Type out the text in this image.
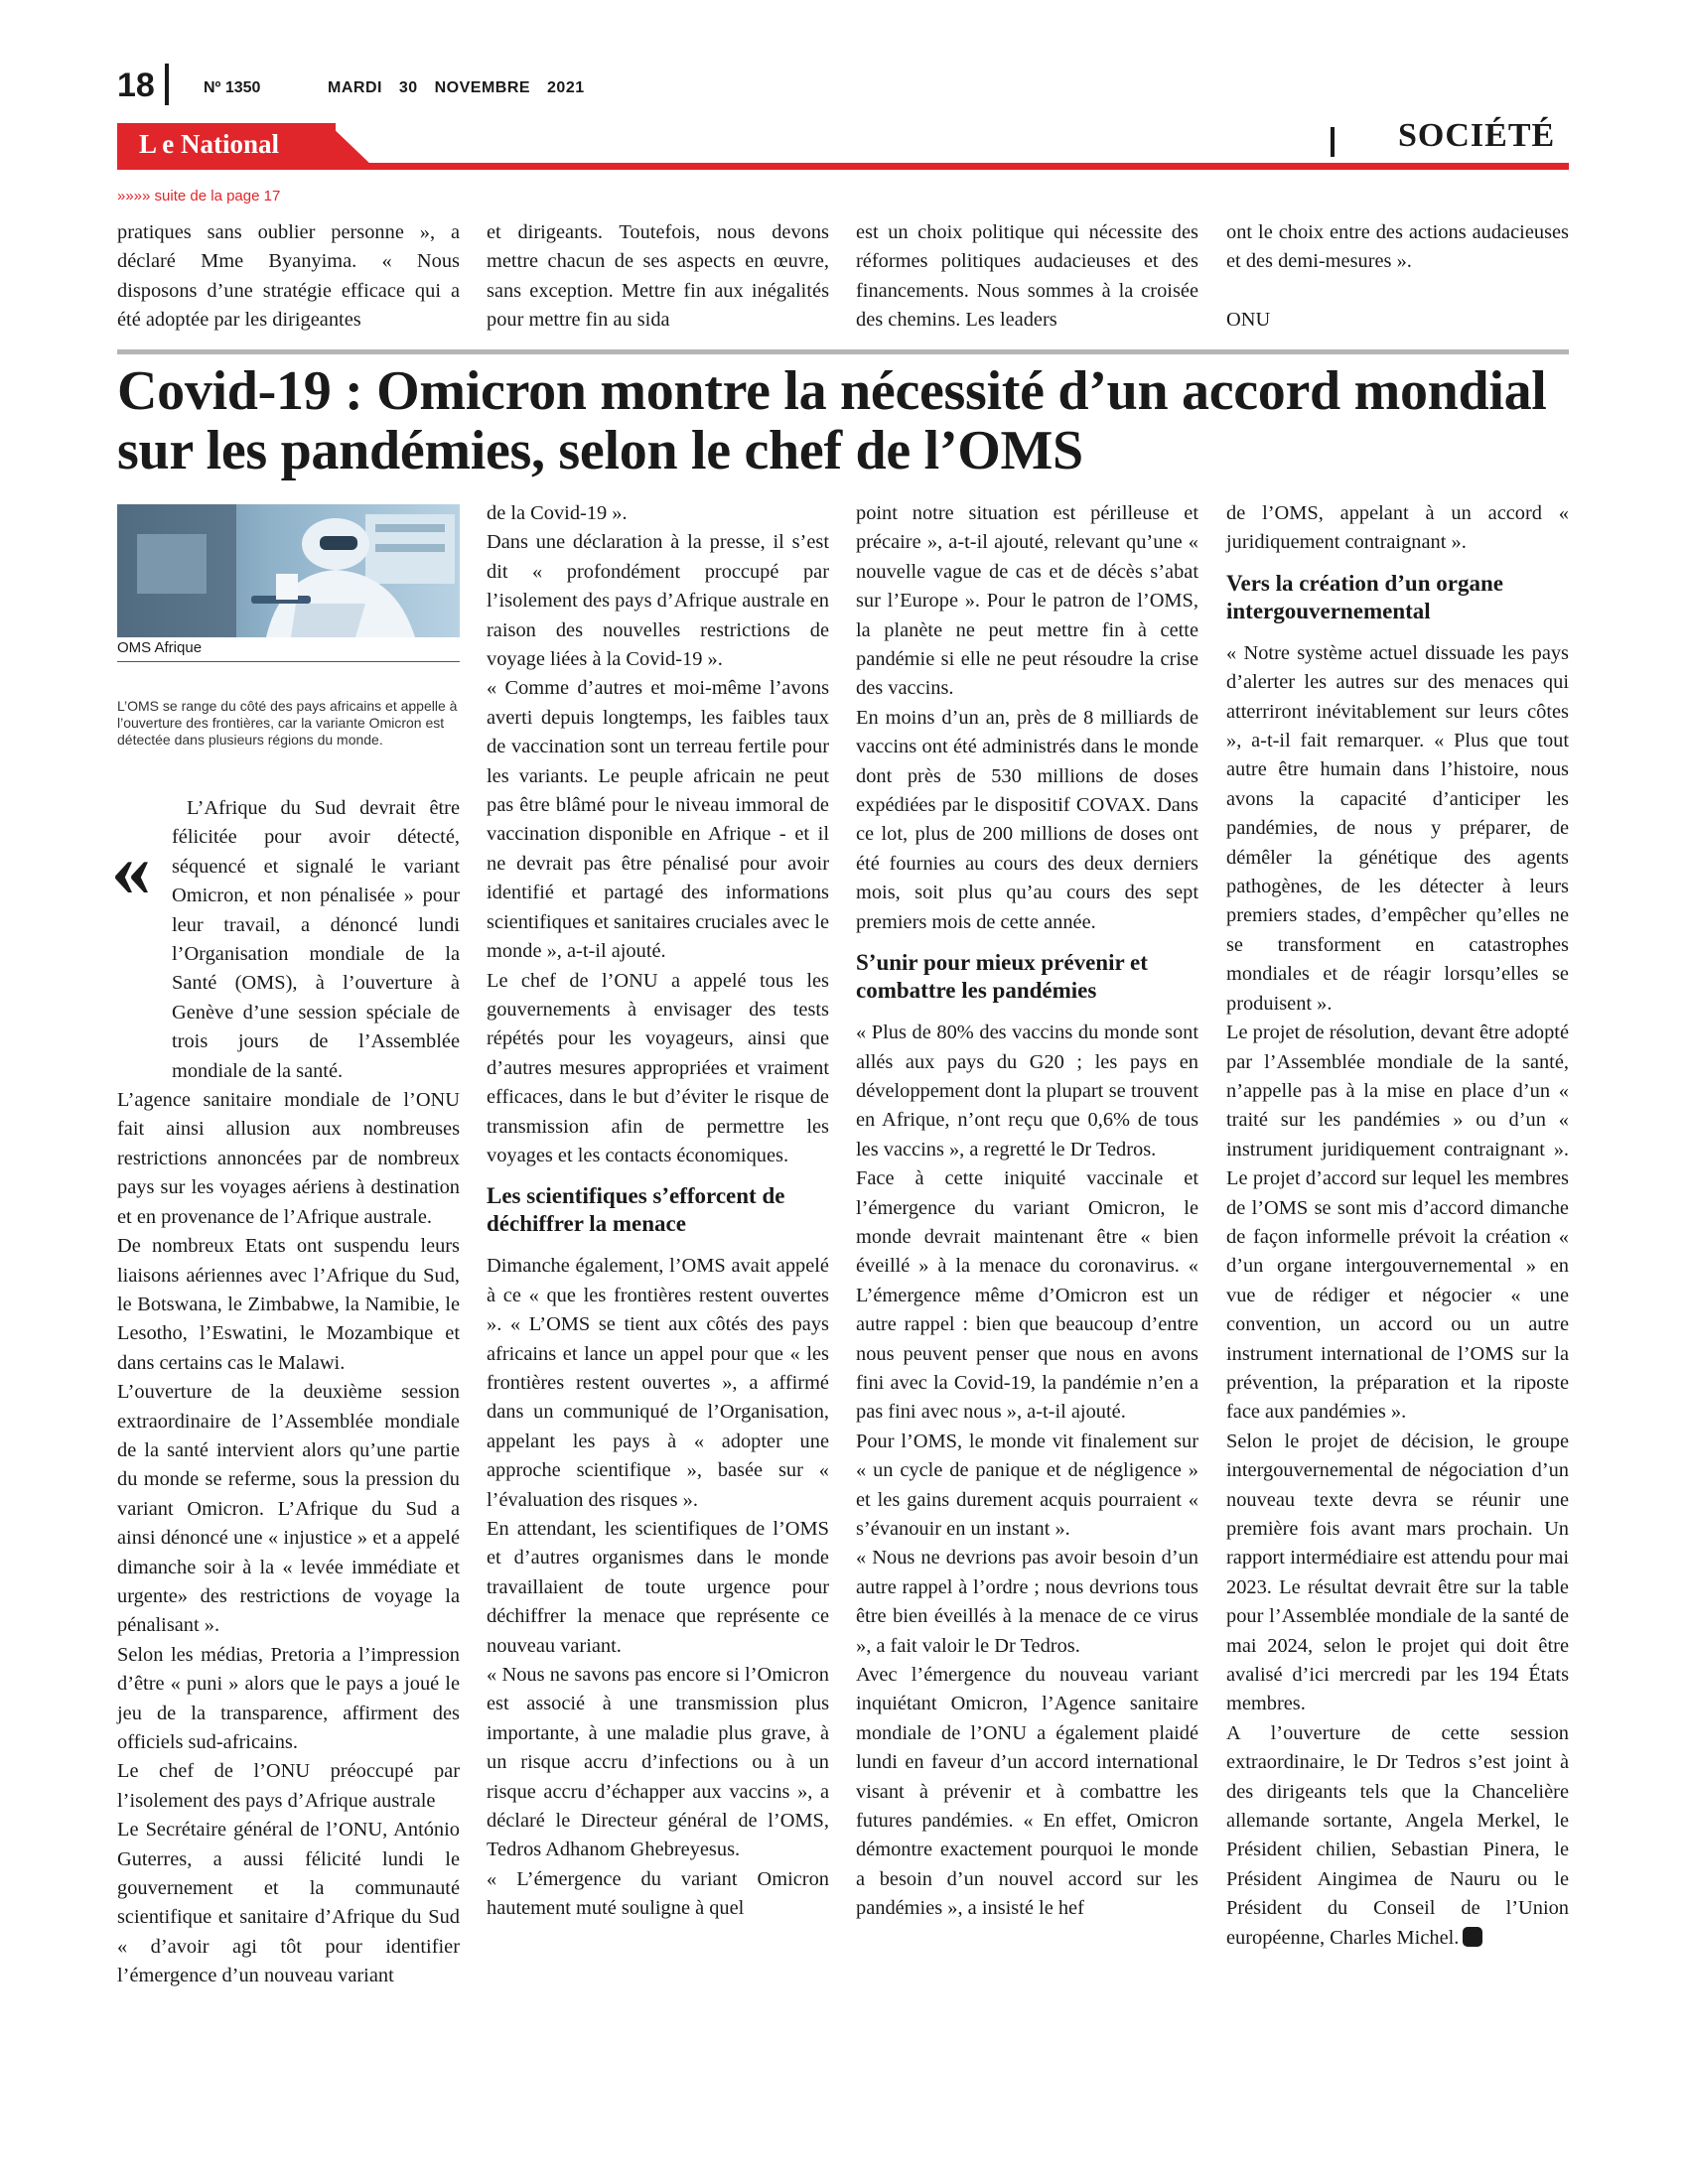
18	Nº 1350	MARDI 30 NOVEMBRE 2021
L e National	SOCIÉTÉ
»»»» suite de la page 17

pratiques sans oublier personne », a déclaré Mme Byanyima. « Nous disposons d’une stratégie efficace qui a été adoptée par les dirigeantes

et dirigeants. Toutefois, nous devons mettre chacun de ses aspects en œuvre, sans exception. Mettre fin aux inégalités pour mettre fin au sida

est un choix politique qui nécessite des réformes politiques audacieuses et des financements. Nous sommes à la croisée des chemins. Les leaders

ont le choix entre des actions audacieuses et des demi-mesures ».

ONU

Covid-19 : Omicron montre la nécessité d’un accord mondial sur les pandémies, selon le chef de l’OMS
OMS Afrique
L’OMS se range du côté des pays africains et appelle à l’ouverture des frontières, car la variante Omicron est détectée dans plusieurs régions du monde.
«

L’Afrique du Sud devrait être félicitée pour avoir détecté, séquencé et signalé le variant Omicron, et non pénalisée » pour leur travail, a dénoncé lundi l’Organisation mondiale de la Santé (OMS), à l’ouverture à Genève d’une session spéciale de trois jours de l’Assemblée mondiale de la santé.

L’agence sanitaire mondiale de l’ONU fait ainsi allusion aux nombreuses restrictions annoncées par de nombreux pays sur les voyages aériens à destination et en provenance de l’Afrique australe.

De nombreux Etats ont suspendu leurs liaisons aériennes avec l’Afrique du Sud, le Botswana, le Zimbabwe, la Namibie, le Lesotho, l’Eswatini, le Mozambique et dans certains cas le Malawi.

L’ouverture de la deuxième session extraordinaire de l’Assemblée mondiale de la santé intervient alors qu’une partie du monde se referme, sous la pression du variant Omicron. L’Afrique du Sud a ainsi dénoncé une « injustice » et a appelé dimanche soir à la « levée immédiate et urgente» des restrictions de voyage la pénalisant ».

Selon les médias, Pretoria a l’impression d’être « puni » alors que le pays a joué le jeu de la transparence, affirment des officiels sud-africains.

Le chef de l’ONU préoccupé par l’isolement des pays d’Afrique australe

Le Secrétaire général de l’ONU, António Guterres, a aussi félicité lundi le gouvernement et la communauté scientifique et sanitaire d’Afrique du Sud « d’avoir agi tôt pour identifier l’émergence d’un nouveau variant

de la Covid-19 ».

Dans une déclaration à la presse, il s’est dit « profondément proccupé par l’isolement des pays d’Afrique australe en raison des nouvelles restrictions de voyage liées à la Covid-19 ».

« Comme d’autres et moi-même l’avons averti depuis longtemps, les faibles taux de vaccination sont un terreau fertile pour les variants. Le peuple africain ne peut pas être blâmé pour le niveau immoral de vaccination disponible en Afrique - et il ne devrait pas être pénalisé pour avoir identifié et partagé des informations scientifiques et sanitaires cruciales avec le monde », a-t-il ajouté.

Le chef de l’ONU a appelé tous les gouvernements à envisager des tests répétés pour les voyageurs, ainsi que d’autres mesures appropriées et vraiment efficaces, dans le but d’éviter le risque de transmission afin de permettre les voyages et les contacts économiques.

Les scientifiques s’efforcent de déchiffrer la menace

Dimanche également, l’OMS avait appelé à ce « que les frontières restent ouvertes ». « L’OMS se tient aux côtés des pays africains et lance un appel pour que « les frontières restent ouvertes », a affirmé dans un communiqué de l’Organisation, appelant les pays à « adopter une approche scientifique », basée sur « l’évaluation des risques ».

En attendant, les scientifiques de l’OMS et d’autres organismes dans le monde travaillaient de toute urgence pour déchiffrer la menace que représente ce nouveau variant.

« Nous ne savons pas encore si l’Omicron est associé à une transmission plus importante, à une maladie plus grave, à un risque accru d’infections ou à un risque accru d’échapper aux vaccins », a déclaré le Directeur général de l’OMS, Tedros Adhanom Ghebreyesus.

« L’émergence du variant Omicron hautement muté souligne à quel

point notre situation est périlleuse et précaire », a-t-il ajouté, relevant qu’une « nouvelle vague de cas et de décès s’abat sur l’Europe ». Pour le patron de l’OMS, la planète ne peut mettre fin à cette pandémie si elle ne peut résoudre la crise des vaccins.

En moins d’un an, près de 8 milliards de vaccins ont été administrés dans le monde dont près de 530 millions de doses expédiées par le dispositif COVAX. Dans ce lot, plus de 200 millions de doses ont été fournies au cours des deux derniers mois, soit plus qu’au cours des sept premiers mois de cette année.

S’unir pour mieux prévenir et combattre les pandémies

« Plus de 80% des vaccins du monde sont allés aux pays du G20 ; les pays en développement dont la plupart se trouvent en Afrique, n’ont reçu que 0,6% de tous les vaccins », a regretté le Dr Tedros.

Face à cette iniquité vaccinale et l’émergence du variant Omicron, le monde devrait maintenant être « bien éveillé » à la menace du coronavirus. « L’émergence même d’Omicron est un autre rappel : bien que beaucoup d’entre nous peuvent penser que nous en avons fini avec la Covid-19, la pandémie n’en a pas fini avec nous », a-t-il ajouté.

Pour l’OMS, le monde vit finalement sur « un cycle de panique et de négligence » et les gains durement acquis pourraient « s’évanouir en un instant ».

« Nous ne devrions pas avoir besoin d’un autre rappel à l’ordre ; nous devrions tous être bien éveillés à la menace de ce virus », a fait valoir le Dr Tedros.

Avec l’émergence du nouveau variant inquiétant Omicron, l’Agence sanitaire mondiale de l’ONU a également plaidé lundi en faveur d’un accord international visant à prévenir et à combattre les futures pandémies. « En effet, Omicron démontre exactement pourquoi le monde a besoin d’un nouvel accord sur les pandémies », a insisté le hef

de l’OMS, appelant à un accord « juridiquement contraignant ».

Vers la création d’un organe intergouvernemental

« Notre système actuel dissuade les pays d’alerter les autres sur des menaces qui atterriront inévitablement sur leurs côtes », a-t-il fait remarquer. « Plus que tout autre être humain dans l’histoire, nous avons la capacité d’anticiper les pandémies, de nous y préparer, de démêler la génétique des agents pathogènes, de les détecter à leurs premiers stades, d’empêcher qu’elles ne se transforment en catastrophes mondiales et de réagir lorsqu’elles se produisent ».

Le projet de résolution, devant être adopté par l’Assemblée mondiale de la santé, n’appelle pas à la mise en place d’un « traité sur les pandémies » ou d’un « instrument juridiquement contraignant ». Le projet d’accord sur lequel les membres de l’OMS se sont mis d’accord dimanche de façon informelle prévoit la création « d’un organe intergouvernemental » en vue de rédiger et négocier « une convention, un accord ou un autre instrument international de l’OMS sur la prévention, la préparation et la riposte face aux pandémies ».

Selon le projet de décision, le groupe intergouvernemental de négociation d’un nouveau texte devra se réunir une première fois avant mars prochain. Un rapport intermédiaire est attendu pour mai 2023. Le résultat devrait être sur la table pour l’Assemblée mondiale de la santé de mai 2024, selon le projet qui doit être avalisé d’ici mercredi par les 194 États membres.

A l’ouverture de cette session extraordinaire, le Dr Tedros s’est joint à des dirigeants tels que la Chancelière allemande sortante, Angela Merkel, le Président chilien, Sebastian Pinera, le Président Aingimea de Nauru ou le Président du Conseil de l’Union européenne, Charles Michel.
